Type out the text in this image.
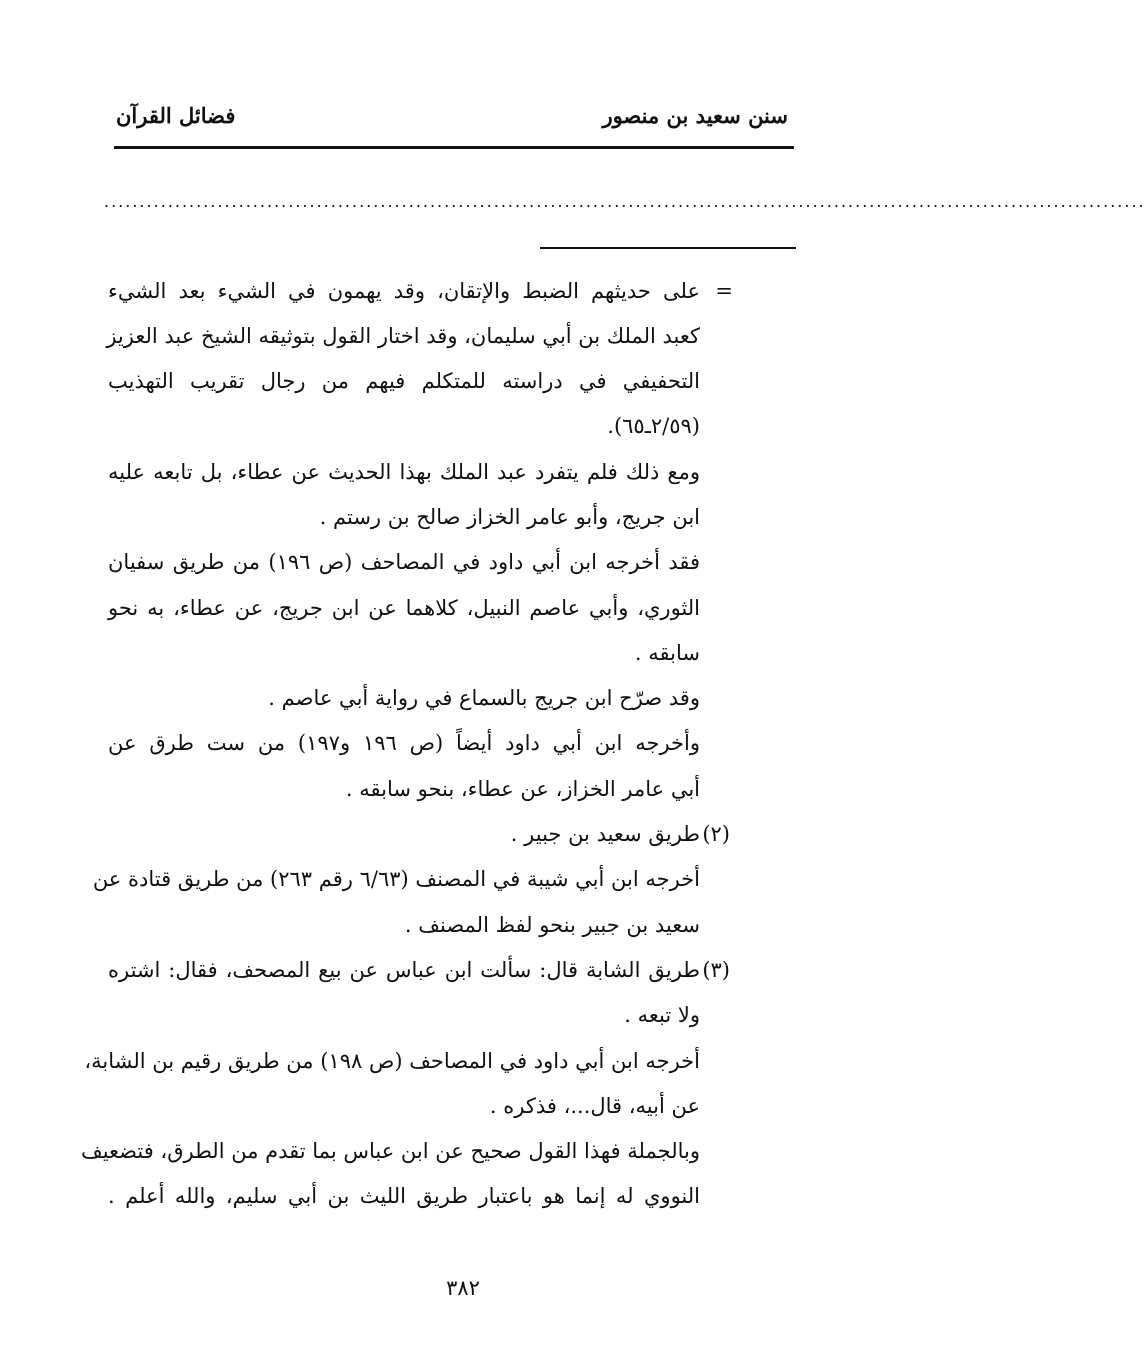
سنن سعيد بن منصور
فضائل القرآن
...................................................................................................................................................
=
(٢)
(٣)
على حديثهم الضبط والإتقان، وقد يهمون في الشيء بعد الشيء
كعبد الملك بن أبي سليمان، وقد اختار القول بتوثيقه الشيخ عبد العزيز
التحفيفي في دراسته للمتكلم فيهم من رجال تقريب التهذيب
(٢/٥٩ـ٦٥).
ومع ذلك فلم يتفرد عبد الملك بهذا الحديث عن عطاء، بل تابعه عليه
ابن جريج، وأبو عامر الخزاز صالح بن رستم .
فقد أخرجه ابن أبي داود في المصاحف (ص ١٩٦) من طريق سفيان
الثوري، وأبي عاصم النبيل، كلاهما عن ابن جريج، عن عطاء، به نحو
سابقه .
وقد صرّح ابن جريج بالسماع في رواية أبي عاصم .
وأخرجه ابن أبي داود أيضاً (ص ١٩٦ و١٩٧) من ست طرق عن
أبي عامر الخزاز، عن عطاء، بنحو سابقه .
طريق سعيد بن جبير .
أخرجه ابن أبي شيبة في المصنف (٦/٦٣ رقم ٢٦٣) من طريق قتادة عن
سعيد بن جبير بنحو لفظ المصنف .
طريق الشابة قال: سألت ابن عباس عن بيع المصحف، فقال: اشتره
ولا تبعه .
أخرجه ابن أبي داود في المصاحف (ص ١٩٨) من طريق رقيم بن الشابة،
عن أبيه، قال...، فذكره .
وبالجملة فهذا القول صحيح عن ابن عباس بما تقدم من الطرق، فتضعيف
النووي له إنما هو باعتبار طريق الليث بن أبي سليم، والله أعلم .
٣٨٢
